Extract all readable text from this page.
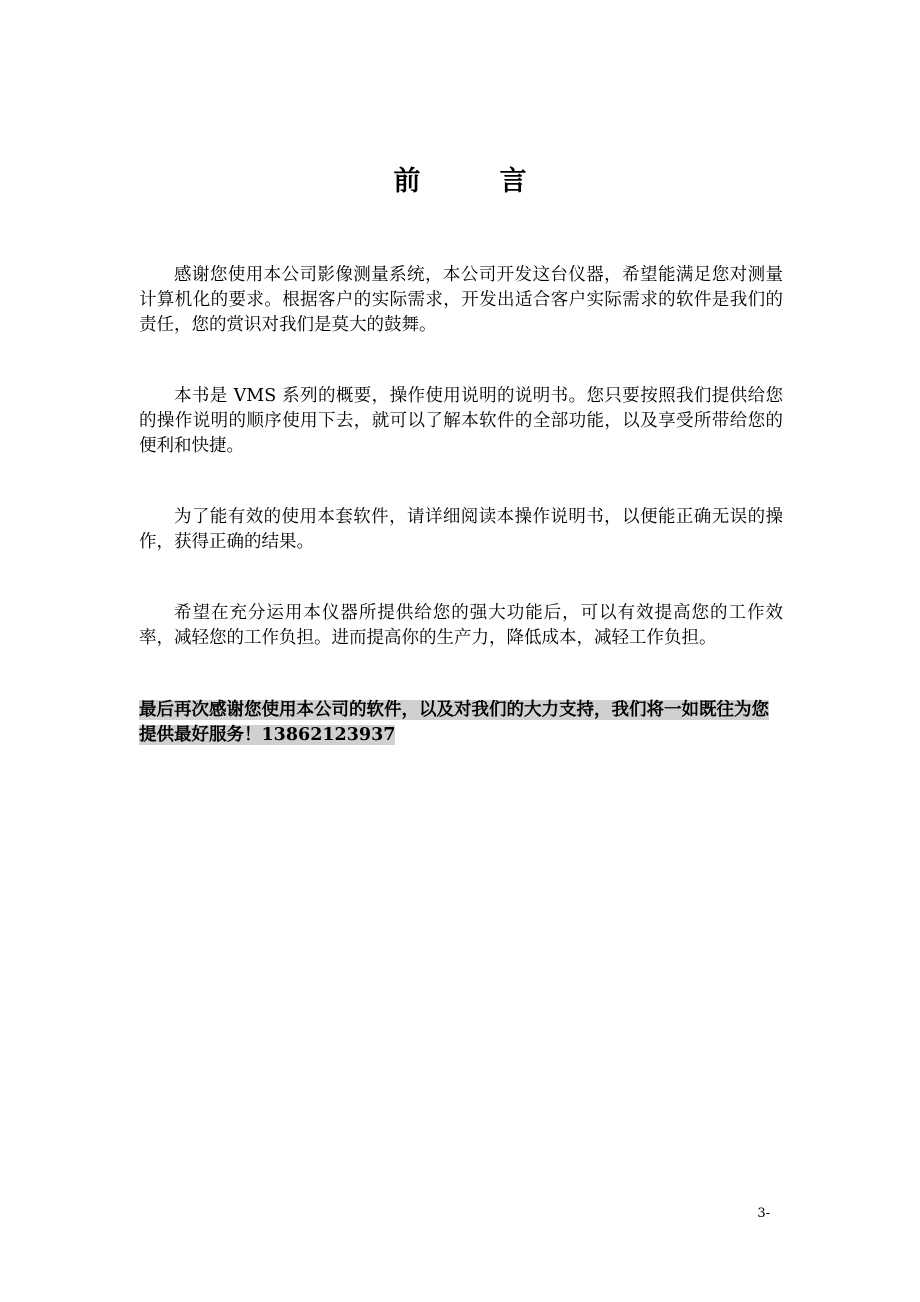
前　言

感谢您使用本公司影像测量系统，本公司开发这台仪器，希望能满足您对测量计算机化的要求。根据客户的实际需求，开发出适合客户实际需求的软件是我们的责任，您的赏识对我们是莫大的鼓舞。

本书是 VMS 系列的概要，操作使用说明的说明书。您只要按照我们提供给您的操作说明的顺序使用下去，就可以了解本软件的全部功能，以及享受所带给您的便利和快捷。

为了能有效的使用本套软件，请详细阅读本操作说明书，以便能正确无误的操作，获得正确的结果。

希望在充分运用本仪器所提供给您的强大功能后，可以有效提高您的工作效率，减轻您的工作负担。进而提高你的生产力，降低成本，减轻工作负担。

最后再次感谢您使用本公司的软件，以及对我们的大力支持，我们将一如既往为您提供最好服务！13862123937

3-
